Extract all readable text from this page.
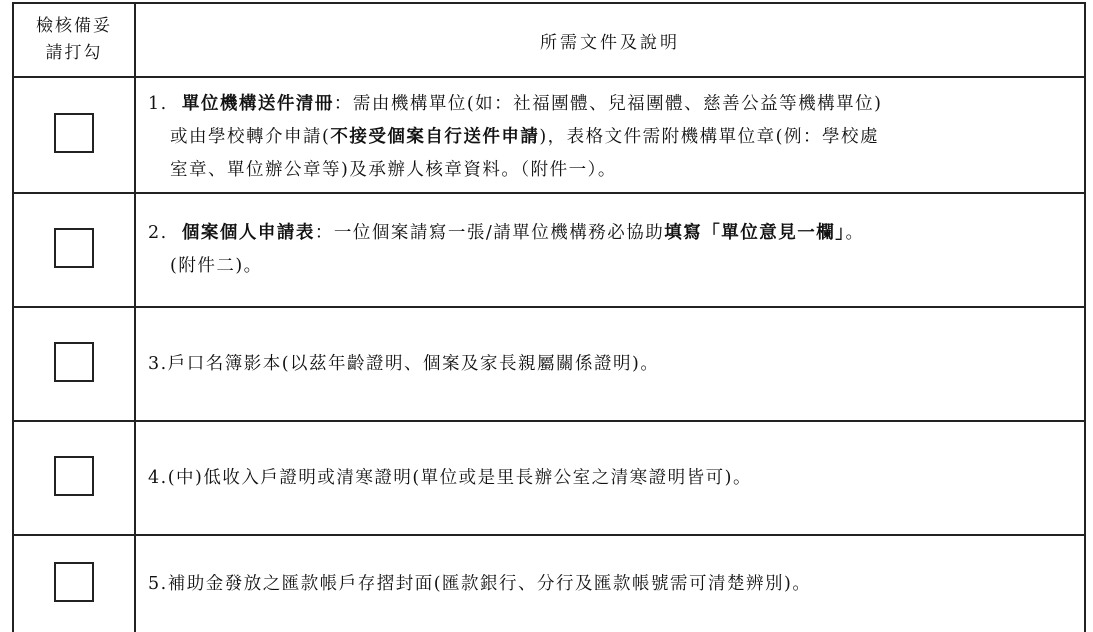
檢核備妥
請打勾	所需文件及說明

	1. 單位機構送件清冊：需由機構單位(如：社福團體、兒福團體、慈善公益等機構單位)
或由學校轉介申請(不接受個案自行送件申請)，表格文件需附機構單位章(例：學校處
室章、單位辦公章等)及承辦人核章資料。（附件一）。

	2. 個案個人申請表：一位個案請寫一張/請單位機構務必協助填寫「單位意見一欄」。
(附件二)。

	3.戶口名簿影本(以茲年齡證明、個案及家長親屬關係證明)。
	4.(中)低收入戶證明或清寒證明(單位或是里長辦公室之清寒證明皆可)。
	5.補助金發放之匯款帳戶存摺封面(匯款銀行、分行及匯款帳號需可清楚辨別)。
